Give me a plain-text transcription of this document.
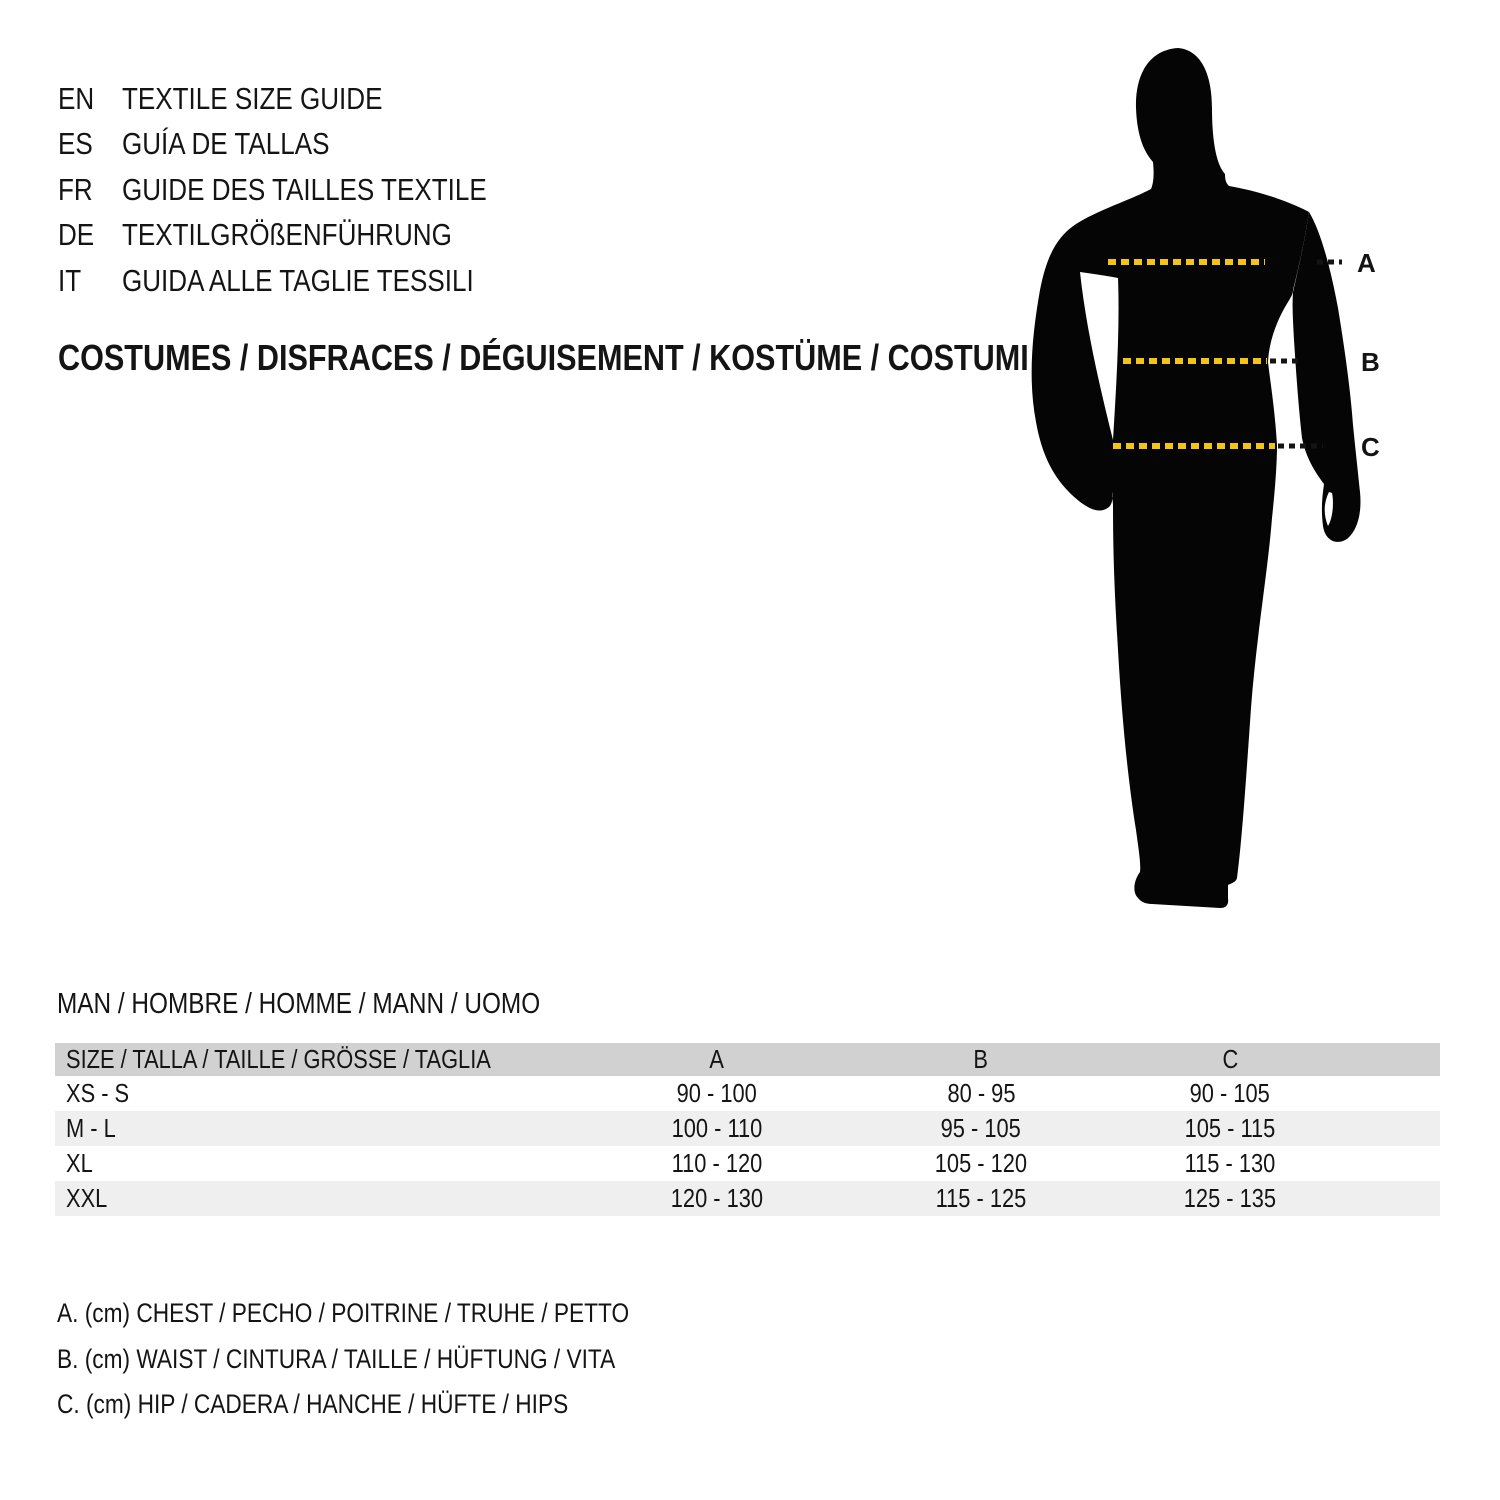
EN TEXTILE SIZE GUIDE
ES GUÍA DE TALLAS
FR GUIDE DES TAILLES TEXTILE
DE TEXTILGRÖßENFÜHRUNG
IT	GUIDA ALLE TAGLIE TESSILI
COSTUMES / DISFRACES / DÉGUISEMENT / KOSTÜME / COSTUMI
A
B
C
MAN / HOMBRE / HOMME / MANN / UOMO
SIZE / TALLA / TAILLE / GRÖSSE / TAGLIA	A	B	C
XS - S	90 - 100	80 - 95	90 - 105
M - L	100 - 110	95 - 105	105 - 115
XL	110 - 120	105 - 120	115 - 130
XXL	120 - 130	115 - 125	125 - 135
A. (cm) CHEST / PECHO / POITRINE / TRUHE / PETTO
B. (cm) WAIST / CINTURA / TAILLE / HÜFTUNG / VITA
C. (cm) HIP / CADERA / HANCHE / HÜFTE / HIPS
